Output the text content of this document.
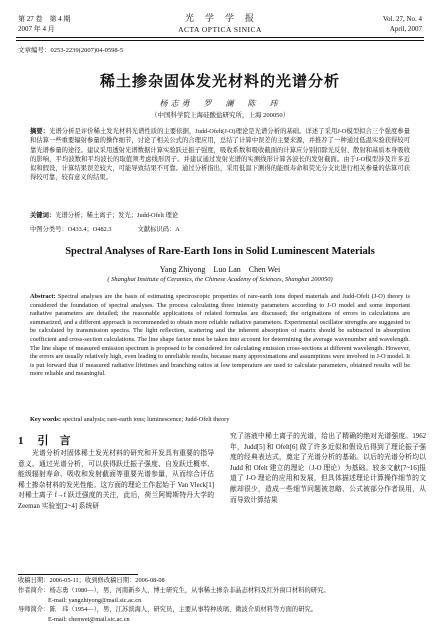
第 27 卷　第 4 期
2007 年 4 月
光　学　学　报
ACTA OPTICA SINICA
Vol. 27, No. 4
April, 2007
文章编号：0253-2239(2007)04-0598-5
稀土掺杂固体发光材料的光谱分析
杨志勇　罗　澜　陈　玮
（中国科学院上海硅酸盐研究所，上海 200050）
摘要：光谱分析是评价稀土发光材料光谱性质的主要依据，Judd-Ofelt(J-O)理论是光谱分析的基础。详述了采用J-O模型拟合三个强度参量和估算一些重要辐射参量的操作细节，讨论了相关公式的合理应用，总结了计算中误差的主要来源，并推荐了一种通过低温实验获得较可靠光谱参量的途径。建议采用透射光谱数据计算实验跃迁振子强度，吸收系数和吸收截面的计算应分别扣除光反射、散射和基质本身吸收的影响，平均波数和平均波长的取值须考虑线形因子。并建议通过发射光谱的实测线形计算各波长的发射截面。由于J-O模型涉及许多近似和假设，计算结果误差较大，可能导致结果不可靠。通过分析指出，采用低温下测得的能级寿命和荧光分支比进行相关参量的估算可获得较可靠，较有意义的结果。
关键词：光谱分析；稀土离子；发光；Judd-Ofelt 理论
中图分类号：O433.4；O482.3	文献标识码：A
Spectral Analyses of Rare-Earth Ions in Solid Luminescent Materials
Yang Zhiyong　Luo Lan　Chen Wei
( Shanghai Institute of Ceramics, the Chinese Academy of Sciences, Shanghai 200050)
Abstract: Spectral analyses are the basis of estimating spectroscopic properties of rare-earth ions doped materials and Judd-Ofelt (J-O) theory is considered the foundation of spectral analyses. The process calculating three intensity parameters according to J-O model and some important radiative parameters are detailed; the reasonable applications of related formulas are discussed; the originations of errors in calculations are summarized, and a different approach is recommended to obtain more reliable radiative parameters. Experimental oscillator strengths are suggested to be calculated by transmission spectra. The light reflection, scattering and the inherent absorption of matrix should be subtracted in absorption coefficient and cross-section calculations. The line shape factor must be taken into account for determining the average wavenumber and wavelength. The line shape of measured emission spectrum is proposed to be considered for calculating emission cross-sections at different wavelength. However, the errors are usually relatively high, even leading to unreliable results, because many approximations and assumptions were involved in J-O model. It is put forward that if measured radiative lifetimes and branching ratios at low temperature are used to calculate parameters, obtained results will be more reliable and meaningful.
Key words: spectral analysis; rare-earth ions; luminescence; Judd-Ofelt theory
1 引　言
光谱分析对固体稀土发光材料的研究和开发具有重要的指导意义。通过光谱分析，可以获得跃迁振子强度、自发跃迁概率、能级辐射寿命、吸收和发射截面等重要光谱参量，从而综合评估稀土掺杂材料的发光性能。这方面的理论工作起始于 Van Vleck[1] 对稀土离子 f→f 跃迁强度的关注，此后，荷兰阿姆斯特丹大学的 Zeeman 实验室[2~4] 系统研
究了溶液中稀土离子的光谱，给出了精确的绝对光谱强度。1962 年，Judd[5] 和 Ofelt[6] 做了许多近似和假设后得到了理论振子强度的经典表达式，奠定了光谱分析的基础。以后的光谱分析均以 Judd 和 Ofelt 建立的理论（J-O 理论）为基础。较多文献[7~16]报道了 J-O 理论的应用和发展，但具体描述理论计算操作细节的文献却很少，造成一些细节问题被忽略、公式被部分作者误用，从而导致计算结果
收稿日期：2006-05-11；收到修改稿日期：2006-08-08
作者简介：杨志勇（1980—），男，河南新乡人，博士研究生，从事稀土掺杂非晶态材料及红外窗口材料的研究。
E-mail: yangzhiyong@mail.sic.ac.cn
导师简介：陈　玮（1954—），男，江苏滨海人，研究员，主要从事特种玻璃、微波介质材料等方面的研究。
E-mail: chenwei@mail.sic.ac.cn
